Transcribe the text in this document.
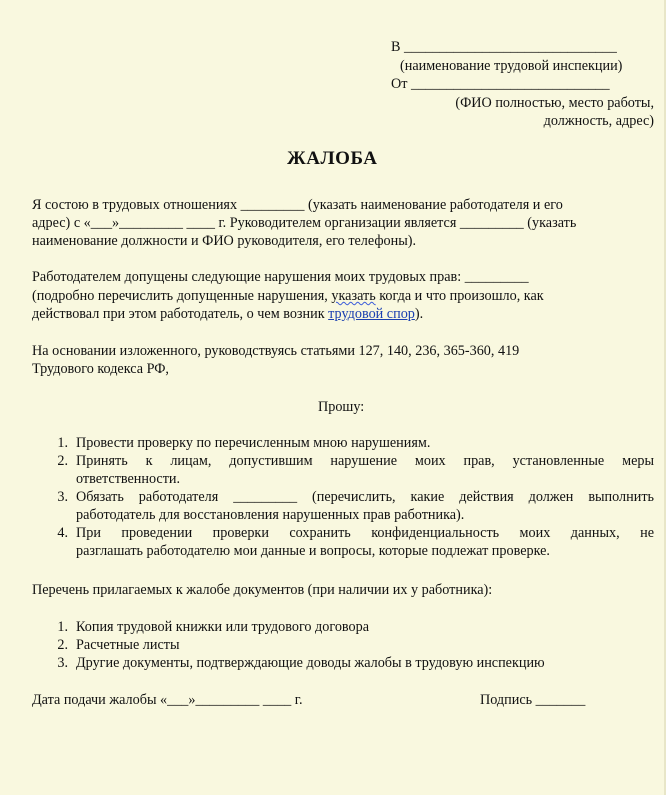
В ______________________________
(наименование трудовой инспекции)
От ____________________________
(ФИО полностью, место работы,
должность, адрес)
ЖАЛОБА
Я состою в трудовых отношениях _________ (указать наименование работодателя и его
адрес) с «___»_________ ____ г. Руководителем организации является _________ (указать
наименование должности и ФИО руководителя, его телефоны).
Работодателем допущены следующие нарушения моих трудовых прав: _________
(подробно перечислить допущенные нарушения, указать когда и что произошло, как
действовал при этом работодатель, о чем возник трудовой спор).
На основании изложенного, руководствуясь статьями 127, 140, 236, 365-360, 419
Трудового кодекса РФ,
Прошу:
1. Провести проверку по перечисленным мною нарушениям.
2. Принять к лицам, допустившим нарушение моих прав, установленные меры
ответственности.
3. Обязать работодателя _________ (перечислить, какие действия должен выполнить
работодатель для восстановления нарушенных прав работника).
4. При проведении проверки сохранить конфиденциальность моих данных, не
разглашать работодателю мои данные и вопросы, которые подлежат проверке.
Перечень прилагаемых к жалобе документов (при наличии их у работника):
1. Копия трудовой книжки или трудового договора
2. Расчетные листы
3. Другие документы, подтверждающие доводы жалобы в трудовую инспекцию
Дата подачи жалобы «___»_________ ____ г.	Подпись _______
